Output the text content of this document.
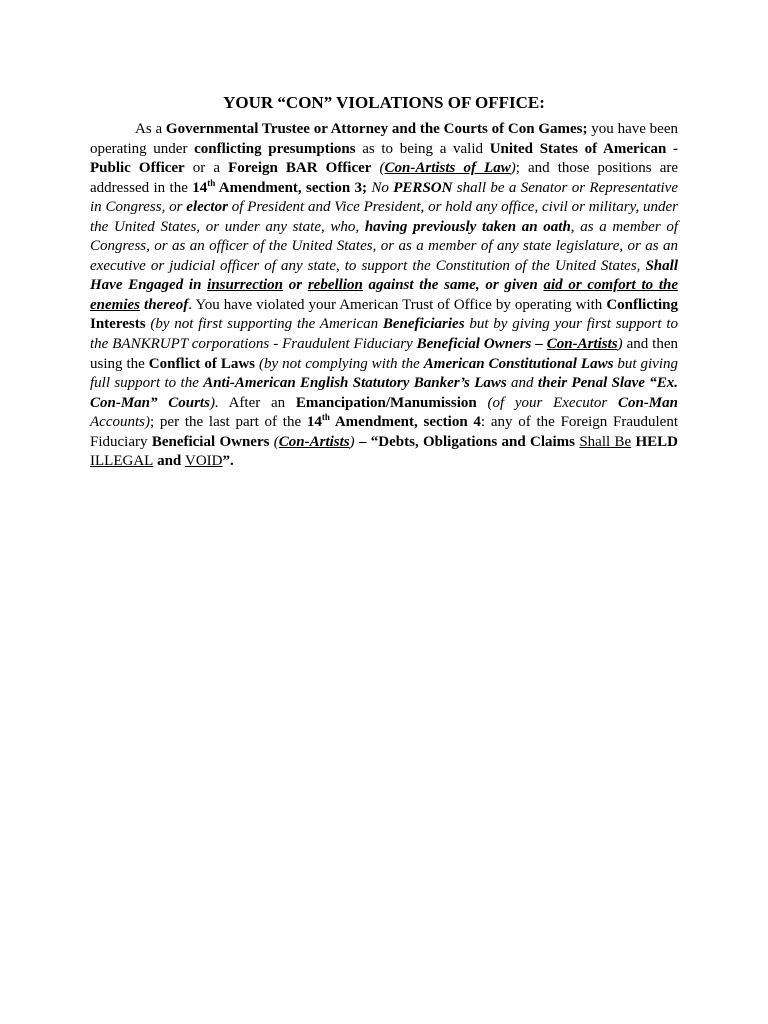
YOUR “CON” VIOLATIONS OF OFFICE:

As a Governmental Trustee or Attorney and the Courts of Con Games; you have been operating under conflicting presumptions as to being a valid United States of American - Public Officer or a Foreign BAR Officer (Con-Artists of Law); and those positions are addressed in the 14th Amendment, section 3; No PERSON shall be a Senator or Representative in Congress, or elector of President and Vice President, or hold any office, civil or military, under the United States, or under any state, who, having previously taken an oath, as a member of Congress, or as an officer of the United States, or as a member of any state legislature, or as an executive or judicial officer of any state, to support the Constitution of the United States, Shall Have Engaged in insurrection or rebellion against the same, or given aid or comfort to the enemies thereof. You have violated your American Trust of Office by operating with Conflicting Interests (by not first supporting the American Beneficiaries but by giving your first support to the BANKRUPT corporations - Fraudulent Fiduciary Beneficial Owners – Con-Artists) and then using the Conflict of Laws (by not complying with the American Constitutional Laws but giving full support to the Anti-American English Statutory Banker’s Laws and their Penal Slave “Ex. Con-Man” Courts). After an Emancipation/Manumission (of your Executor Con-Man Accounts); per the last part of the 14th Amendment, section 4: any of the Foreign Fraudulent Fiduciary Beneficial Owners (Con-Artists) – “Debts, Obligations and Claims Shall Be HELD ILLEGAL and VOID”.
